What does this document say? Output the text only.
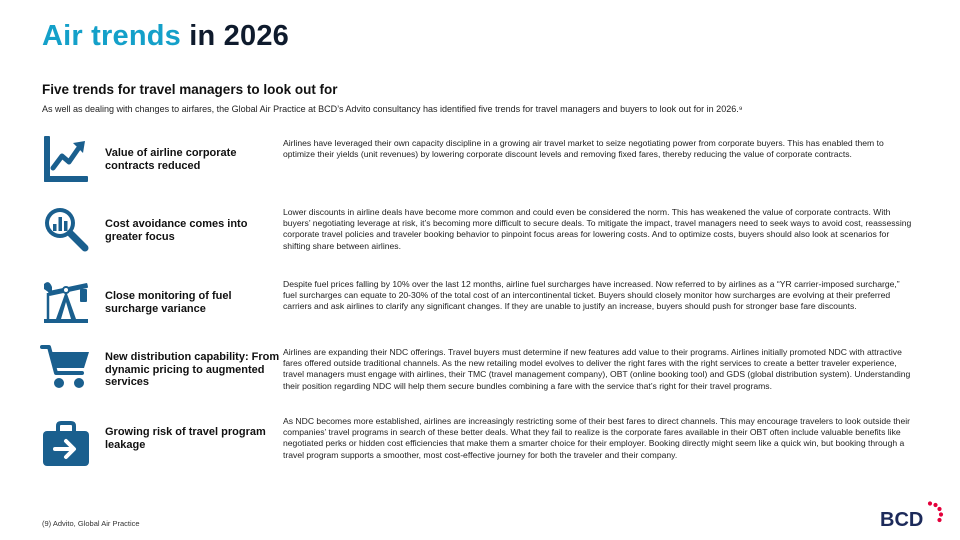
Air trends in 2026
Five trends for travel managers to look out for
As well as dealing with changes to airfares, the Global Air Practice at BCD’s Advito consultancy has identified five trends for travel managers and buyers to look out for in 2026.⁹
Value of airline corporate contracts reduced
Airlines have leveraged their own capacity discipline in a growing air travel market to seize negotiating power from corporate buyers. This has enabled them to optimize their yields (unit revenues) by lowering corporate discount levels and removing fixed fares, thereby reducing the value of corporate contracts.
Cost avoidance comes into greater focus
Lower discounts in airline deals have become more common and could even be considered the norm. This has weakened the value of corporate contracts. With buyers’ negotiating leverage at risk, it’s becoming more difficult to secure deals. To mitigate the impact, travel managers need to seek ways to avoid cost, reassessing corporate travel policies and traveler booking behavior to pinpoint focus areas for lowering costs. And to optimize costs, buyers should also look at scenarios for shifting share between airlines.
Close monitoring of fuel surcharge variance
Despite fuel prices falling by 10% over the last 12 months, airline fuel surcharges have increased. Now referred to by airlines as a “YR carrier-imposed surcharge,” fuel surcharges can equate to 20-30% of the total cost of an intercontinental ticket. Buyers should closely monitor how surcharges are evolving at their preferred carriers and ask airlines to clarify any significant changes. If they are unable to justify an increase, buyers should push for stronger base fare discounts.
New distribution capability: From dynamic pricing to augmented services
Airlines are expanding their NDC offerings. Travel buyers must determine if new features add value to their programs. Airlines initially promoted NDC with attractive fares offered outside traditional channels. As the new retailing model evolves to deliver the right fares with the right services to create a better traveler experience, travel managers must engage with airlines, their TMC (travel management company), OBT (online booking tool) and GDS (global distribution system). Understanding their position regarding NDC will help them secure bundles combining a fare with the service that’s right for their travel programs.
Growing risk of travel program leakage
As NDC becomes more established, airlines are increasingly restricting some of their best fares to direct channels. This may encourage travelers to look outside their companies’ travel programs in search of these better deals. What they fail to realize is the corporate fares available in their OBT often include valuable benefits like negotiated perks or hidden cost efficiencies that make them a smarter choice for their employer. Booking directly might seem like a quick win, but booking through a travel program supports a smoother, most cost-effective journey for both the traveler and their company.
(9) Advito, Global Air Practice	BCD
